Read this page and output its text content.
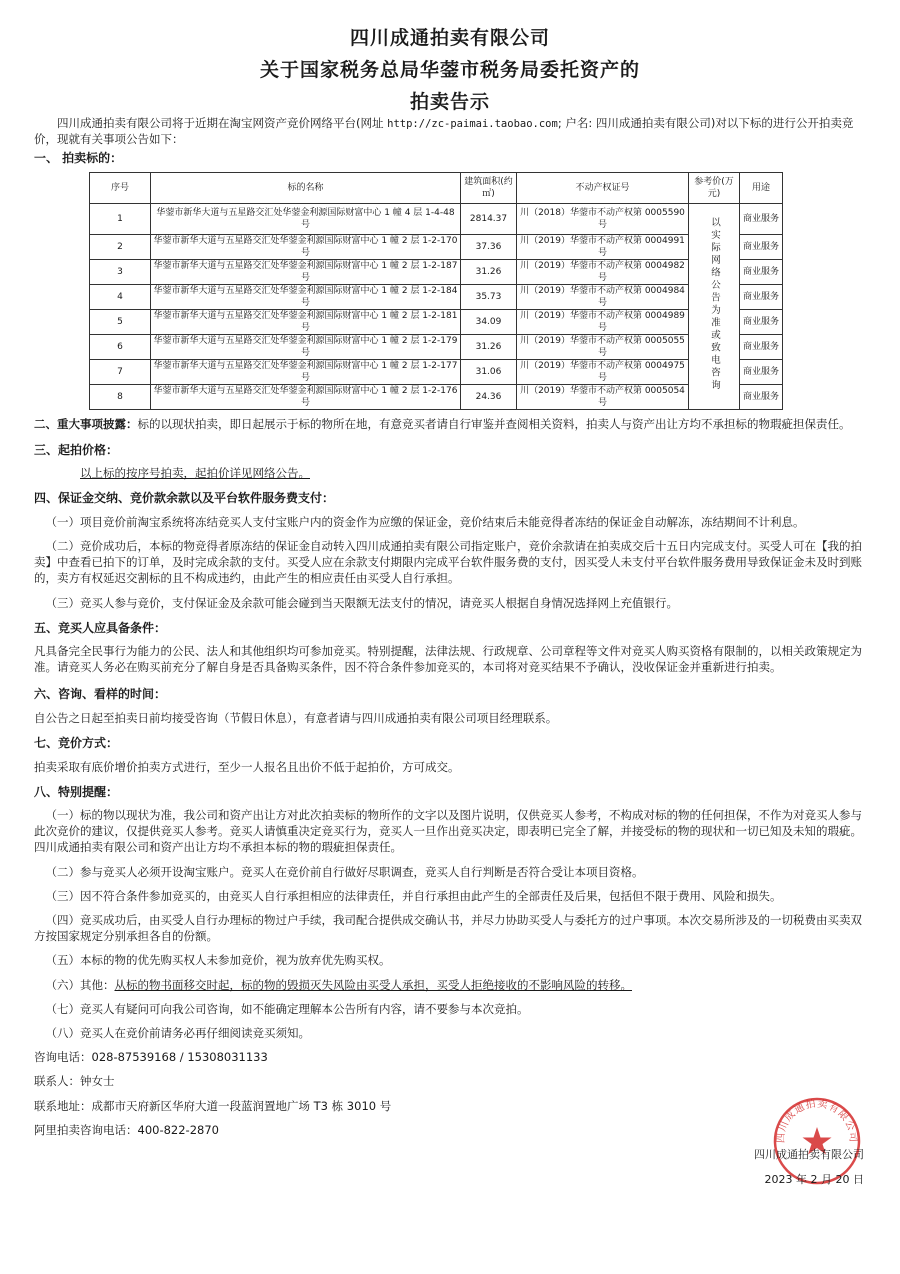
四川成通拍卖有限公司
关于国家税务总局华蓥市税务局委托资产的
拍卖告示
四川成通拍卖有限公司将于近期在淘宝网资产竞价网络平台(网址 http://zc-paimai.taobao.com; 户名: 四川成通拍卖有限公司)对以下标的进行公开拍卖竞价，现就有关事项公告如下：
一、 拍卖标的：
序号	标的名称	建筑面积(约㎡)	不动产权证号	参考价(万元)	用途
1	华蓥市新华大道与五星路交汇处华蓥金利源国际财富中心 1 幢 4 层 1-4-48 号	2814.37	川（2018）华蓥市不动产权第 0005590 号	以实际网络公告为准或致电咨询	商业服务
2	华蓥市新华大道与五星路交汇处华蓥金利源国际财富中心 1 幢 2 层 1-2-170 号	37.36	川（2019）华蓥市不动产权第 0004991 号		商业服务
3	华蓥市新华大道与五星路交汇处华蓥金利源国际财富中心 1 幢 2 层 1-2-187 号	31.26	川（2019）华蓥市不动产权第 0004982 号		商业服务
4	华蓥市新华大道与五星路交汇处华蓥金利源国际财富中心 1 幢 2 层 1-2-184 号	35.73	川（2019）华蓥市不动产权第 0004984 号		商业服务
5	华蓥市新华大道与五星路交汇处华蓥金利源国际财富中心 1 幢 2 层 1-2-181 号	34.09	川（2019）华蓥市不动产权第 0004989 号		商业服务
6	华蓥市新华大道与五星路交汇处华蓥金利源国际财富中心 1 幢 2 层 1-2-179 号	31.26	川（2019）华蓥市不动产权第 0005055 号		商业服务
7	华蓥市新华大道与五星路交汇处华蓥金利源国际财富中心 1 幢 2 层 1-2-177 号	31.06	川（2019）华蓥市不动产权第 0004975 号		商业服务
8	华蓥市新华大道与五星路交汇处华蓥金利源国际财富中心 1 幢 2 层 1-2-176 号	24.36	川（2019）华蓥市不动产权第 0005054 号		商业服务
二、重大事项披露：标的以现状拍卖，即日起展示于标的物所在地，有意竞买者请自行审鉴并查阅相关资料，拍卖人与资产出让方均不承担标的物瑕疵担保责任。
三、起拍价格：
以上标的按序号拍卖，起拍价详见网络公告。
四、保证金交纳、竞价款余款以及平台软件服务费支付：
（一）项目竞价前淘宝系统将冻结竞买人支付宝账户内的资金作为应缴的保证金，竞价结束后未能竞得者冻结的保证金自动解冻，冻结期间不计利息。
（二）竞价成功后，本标的物竞得者原冻结的保证金自动转入四川成通拍卖有限公司指定账户，竞价余款请在拍卖成交后十五日内完成支付。买受人可在【我的拍卖】中查看已拍下的订单，及时完成余款的支付。买受人应在余款支付期限内完成平台软件服务费的支付，因买受人未支付平台软件服务费用导致保证金未及时到账的，卖方有权延迟交割标的且不构成违约，由此产生的相应责任由买受人自行承担。
（三）竞买人参与竞价，支付保证金及余款可能会碰到当天限额无法支付的情况，请竞买人根据自身情况选择网上充值银行。
五、竞买人应具备条件：
凡具备完全民事行为能力的公民、法人和其他组织均可参加竞买。特别提醒，法律法规、行政规章、公司章程等文件对竞买人购买资格有限制的，以相关政策规定为准。请竞买人务必在购买前充分了解自身是否具备购买条件，因不符合条件参加竞买的，本司将对竞买结果不予确认，没收保证金并重新进行拍卖。
六、咨询、看样的时间：
自公告之日起至拍卖日前均接受咨询（节假日休息），有意者请与四川成通拍卖有限公司项目经理联系。
七、竞价方式：
拍卖采取有底价增价拍卖方式进行，至少一人报名且出价不低于起拍价，方可成交。
八、特别提醒：
（一）标的物以现状为准，我公司和资产出让方对此次拍卖标的物所作的文字以及图片说明，仅供竞买人参考，不构成对标的物的任何担保，不作为对竞买人参与此次竞价的建议，仅提供竞买人参考。竞买人请慎重决定竞买行为，竞买人一旦作出竞买决定，即表明已完全了解，并接受标的物的现状和一切已知及未知的瑕疵。四川成通拍卖有限公司和资产出让方均不承担本标的物的瑕疵担保责任。
（二）参与竞买人必须开设淘宝账户。竞买人在竞价前自行做好尽职调查，竞买人自行判断是否符合受让本项目资格。
（三）因不符合条件参加竞买的，由竞买人自行承担相应的法律责任，并自行承担由此产生的全部责任及后果，包括但不限于费用、风险和损失。
（四）竞买成功后，由买受人自行办理标的物过户手续，我司配合提供成交确认书，并尽力协助买受人与委托方的过户事项。本次交易所涉及的一切税费由买卖双方按国家规定分别承担各自的份额。
（五）本标的物的优先购买权人未参加竞价，视为放弃优先购买权。
（六）其他：从标的物书面移交时起，标的物的毁损灭失风险由买受人承担，买受人拒绝接收的不影响风险的转移。
（七）竞买人有疑问可向我公司咨询，如不能确定理解本公告所有内容，请不要参与本次竞拍。
（八）竞买人在竞价前请务必再仔细阅读竞买须知。
咨询电话：028-87539168 / 15308031133
联系人：钟女士
联系地址：成都市天府新区华府大道一段蓝润置地广场 T3 栋 3010 号
阿里拍卖咨询电话：400-822-2870
四川成通拍卖有限公司
四川成通拍卖有限公司
2023 年 2 月 20 日
